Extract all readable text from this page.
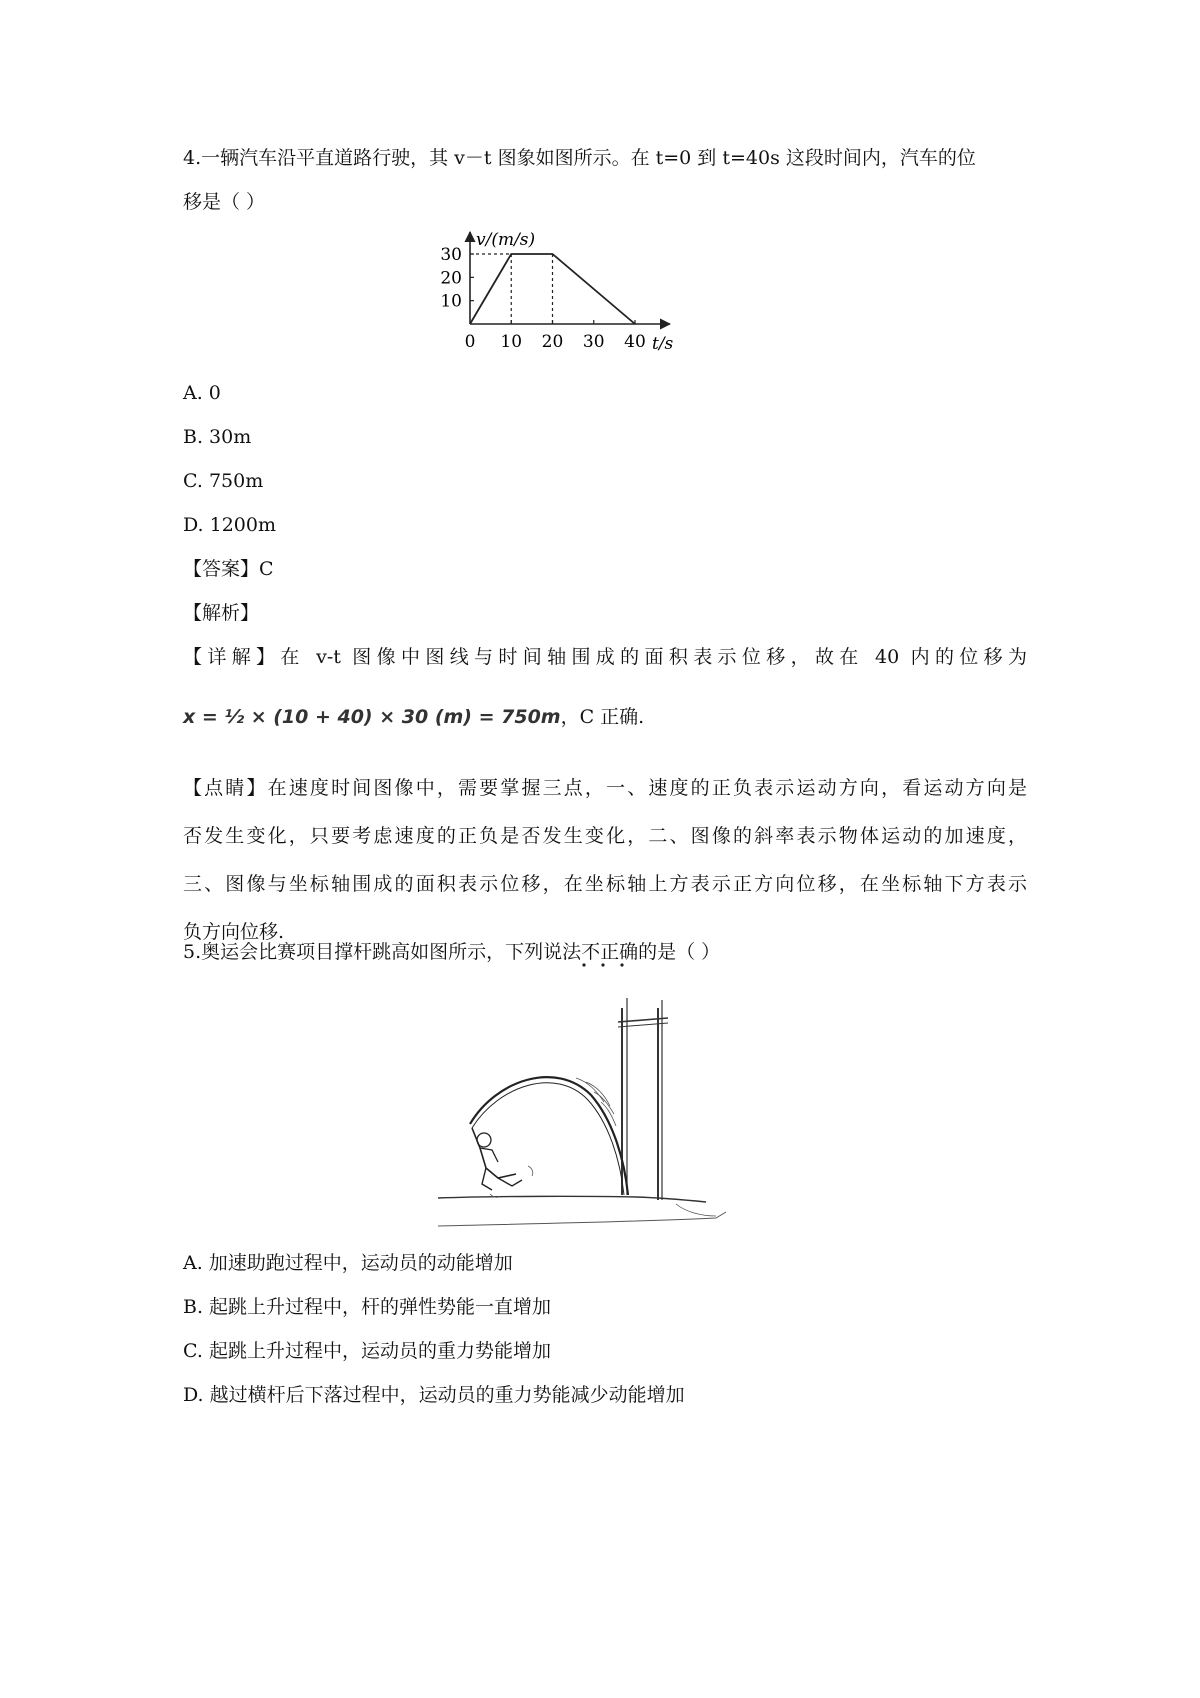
4.一辆汽车沿平直道路行驶，其 v－t 图象如图所示。在 t=0 到 t=40s 这段时间内，汽车的位

移是（ ）

0 10 20 30 40
10
20
30
v/(m/s)
t/s

A. 0

B. 30m

C. 750m

D. 1200m

【答案】C

【解析】

【详解】在 v-t 图像中图线与时间轴围成的面积表示位移，故在 40 内的位移为

x = ½ × (10 + 40) × 30 (m) = 750m，C 正确.

【点睛】在速度时间图像中，需要掌握三点，一、速度的正负表示运动方向，看运动方向是
否发生变化，只要考虑速度的正负是否发生变化，二、图像的斜率表示物体运动的加速度，
三、图像与坐标轴围成的面积表示位移，在坐标轴上方表示正方向位移，在坐标轴下方表示
负方向位移.

5.奥运会比赛项目撑杆跳高如图所示，下列说法不正确的是（ ）

A. 加速助跑过程中，运动员的动能增加

B. 起跳上升过程中，杆的弹性势能一直增加

C. 起跳上升过程中，运动员的重力势能增加

D. 越过横杆后下落过程中，运动员的重力势能减少动能增加
